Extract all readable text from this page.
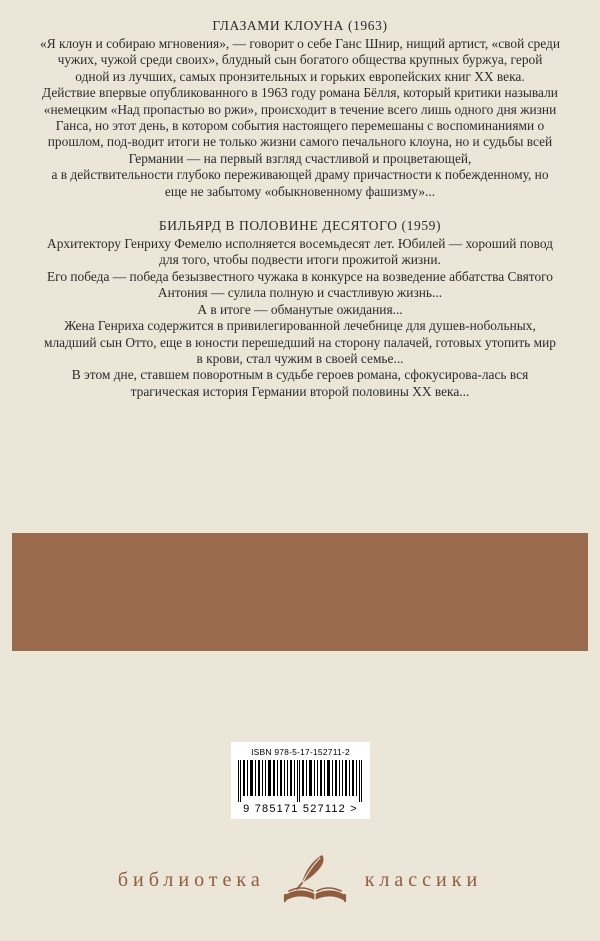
ГЛАЗАМИ КЛОУНА (1963)

«Я клоун и собираю мгновения», — говорит о себе Ганс Шнир, нищий артист, «свой среди чужих, чужой среди своих», блудный сын богатого общества крупных буржуа, герой одной из лучших, самых пронзительных и горьких европейских книг ХХ века.

Действие впервые опубликованного в 1963 году романа Бёлля, который критики называли «немецким «Над пропастью во ржи», происходит в течение всего лишь одного дня жизни Ганса, но этот день, в котором события настоящего перемешаны с воспоминаниями о прошлом, под-водит итоги не только жизни самого печального клоуна, но и судьбы всей Германии — на первый взгляд счастливой и процветающей,

а в действительности глубоко переживающей драму причастности к побежденному, но еще не забытому «обыкновенному фашизму»...

БИЛЬЯРД В ПОЛОВИНЕ ДЕСЯТОГО (1959)

Архитектору Генриху Фемелю исполняется восемьдесят лет. Юбилей — хороший повод для того, чтобы подвести итоги прожитой жизни.

Его победа — победа безызвестного чужака в конкурсе на возведение аббатства Святого Антония — сулила полную и счастливую жизнь...

А в итоге — обманутые ожидания...

Жена Генриха содержится в привилегированной лечебнице для душев-нобольных, младший сын Отто, еще в юности перешедший на сторону палачей, готовых утопить мир в крови, стал чужим в своей семье...

В этом дне, ставшем поворотным в судьбе героев романа, сфокусирова-лась вся трагическая история Германии второй половины ХХ века...

ISBN 978-5-17-152711-2
9 785171 527112 >
библиотека	классики
